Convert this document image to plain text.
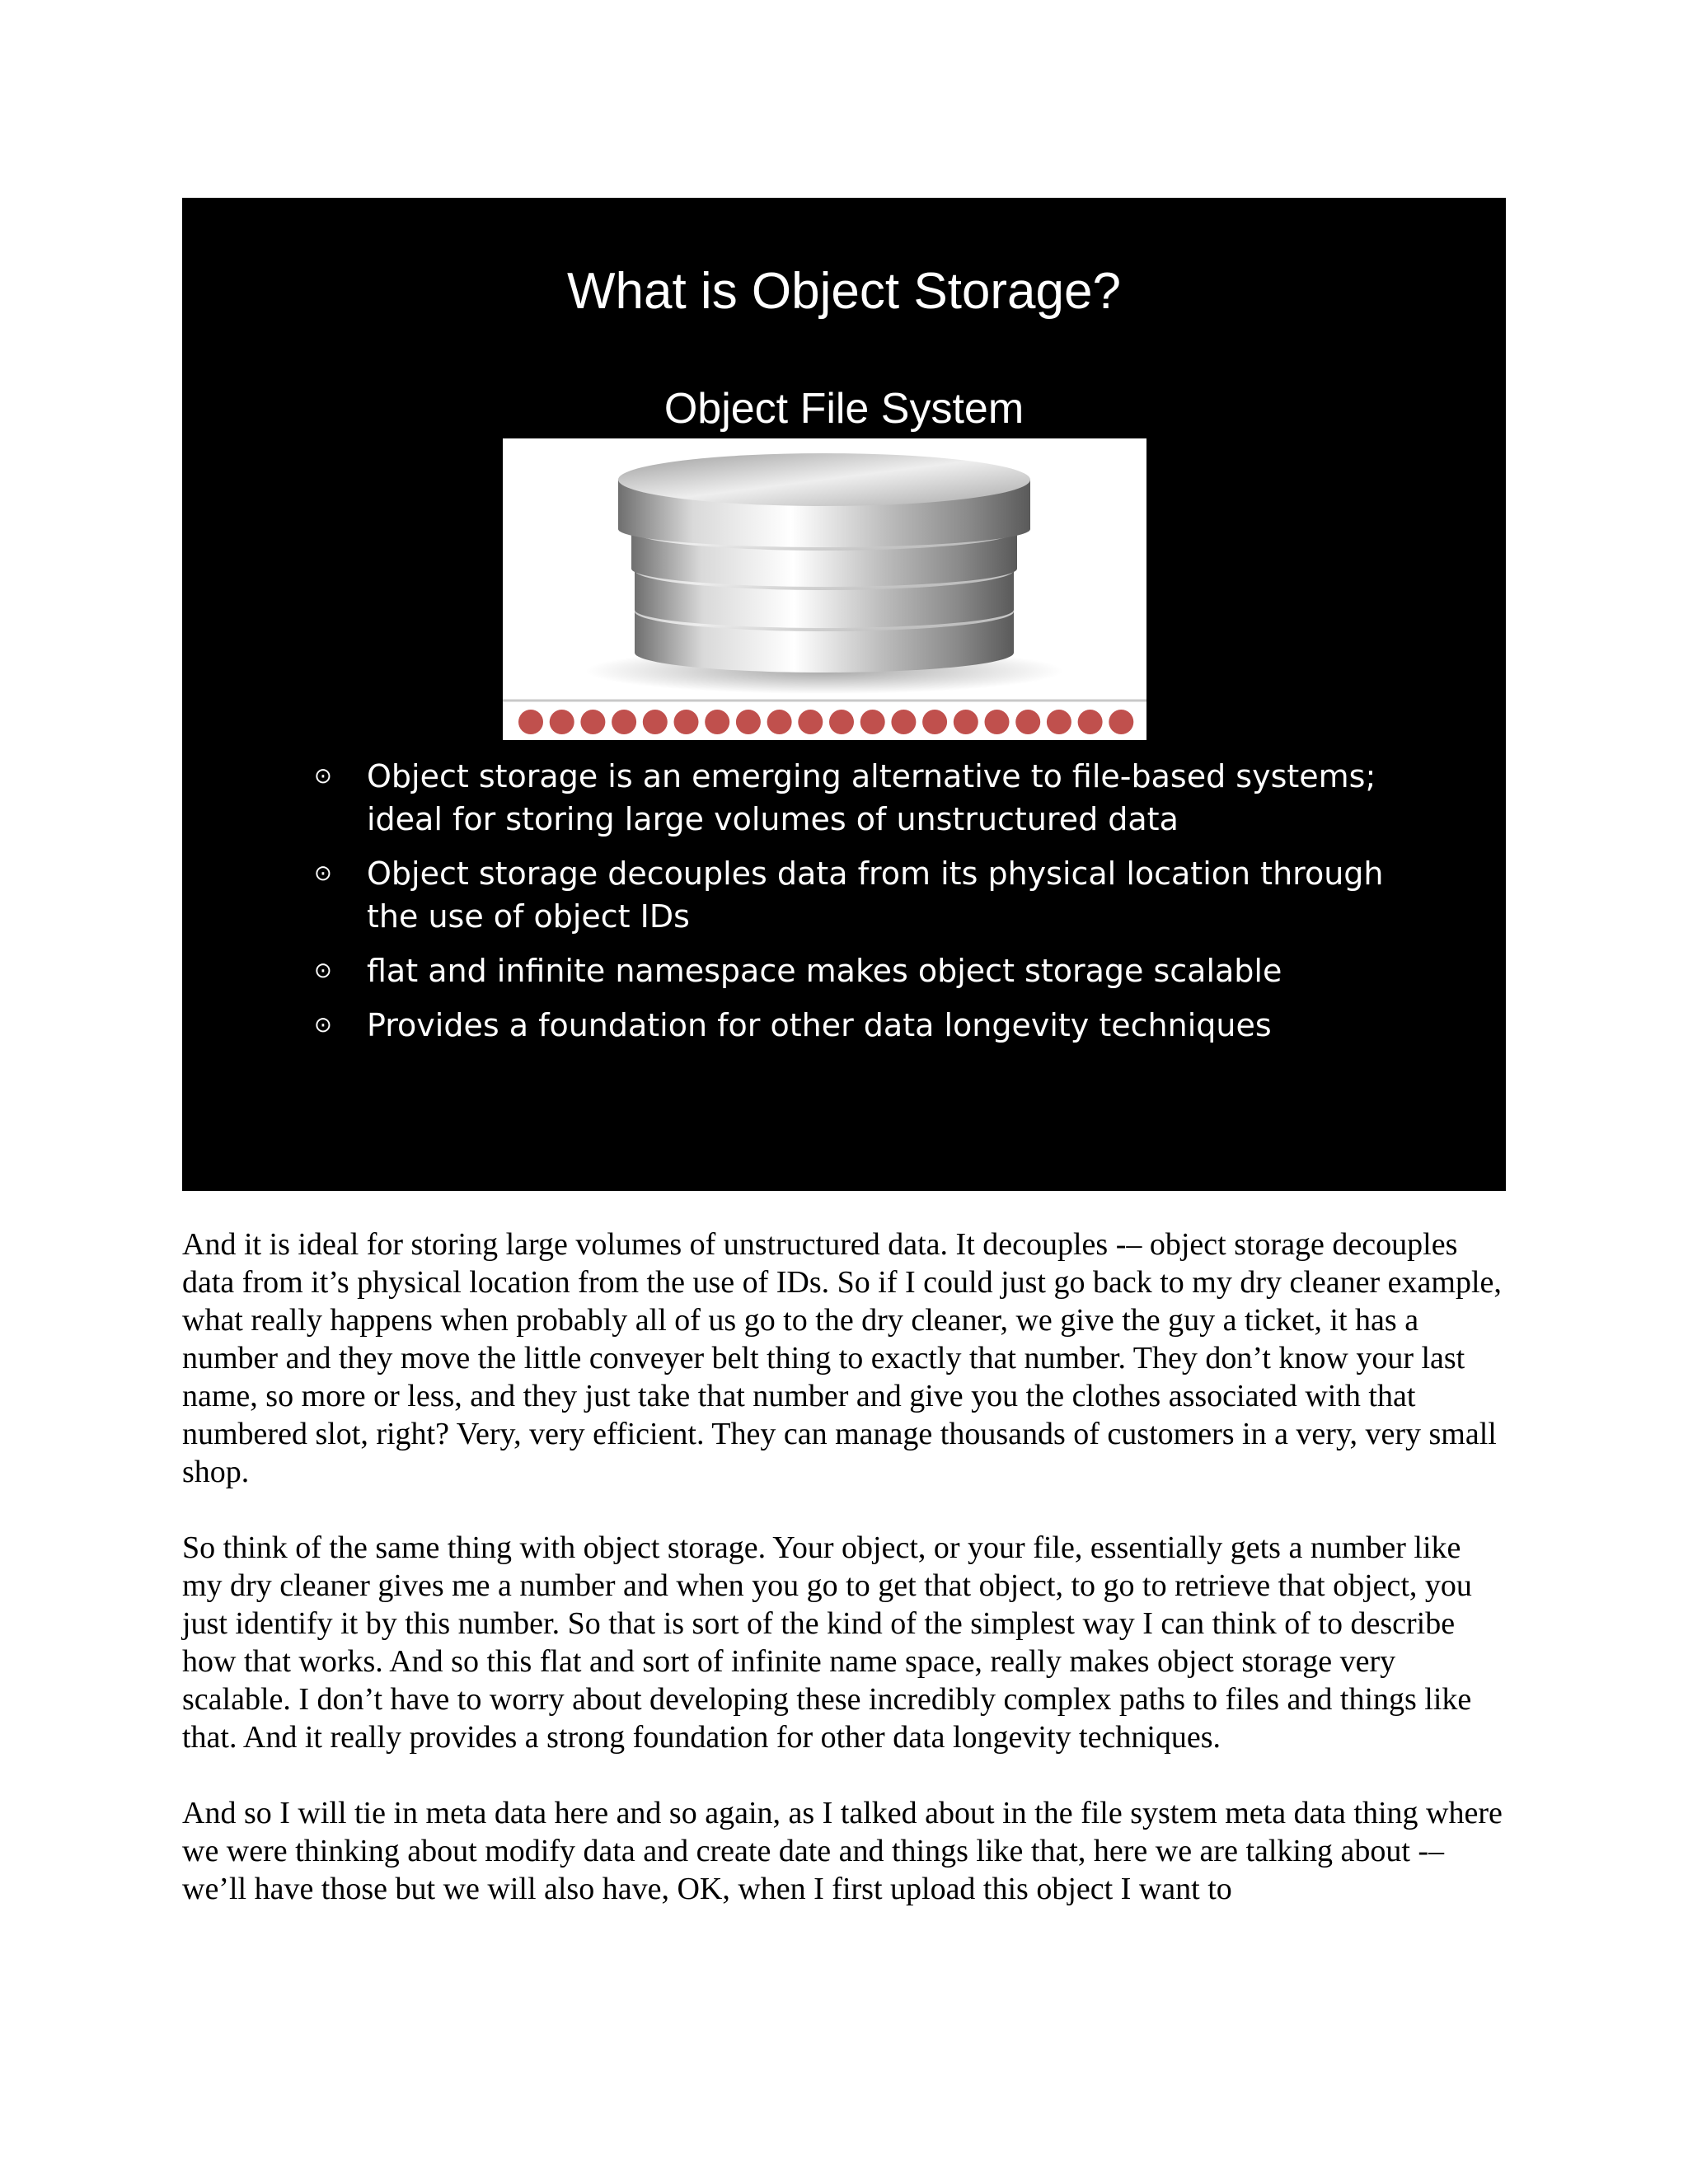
What is Object Storage?
Object File System
⊙ Object storage is an emerging alternative to file-based systems; ideal for storing large volumes of unstructured data
⊙ Object storage decouples data from its physical location through the use of object IDs
⊙ flat and infinite namespace makes object storage scalable
⊙ Provides a foundation for other data longevity techniques

And it is ideal for storing large volumes of unstructured data. It decouples -– object storage decouples data from it’s physical location from the use of IDs. So if I could just go back to my dry cleaner example, what really happens when probably all of us go to the dry cleaner, we give the guy a ticket, it has a number and they move the little conveyer belt thing to exactly that number. They don’t know your last name, so more or less, and they just take that number and give you the clothes associated with that numbered slot, right? Very, very efficient. They can manage thousands of customers in a very, very small shop.

So think of the same thing with object storage. Your object, or your file, essentially gets a number like my dry cleaner gives me a number and when you go to get that object, to go to retrieve that object, you just identify it by this number. So that is sort of the kind of the simplest way I can think of to describe how that works. And so this flat and sort of infinite name space, really makes object storage very scalable. I don’t have to worry about developing these incredibly complex paths to files and things like that. And it really provides a strong foundation for other data longevity techniques.

And so I will tie in meta data here and so again, as I talked about in the file system meta data thing where we were thinking about modify data and create date and things like that, here we are talking about -– we’ll have those but we will also have, OK, when I first upload this object I want to
